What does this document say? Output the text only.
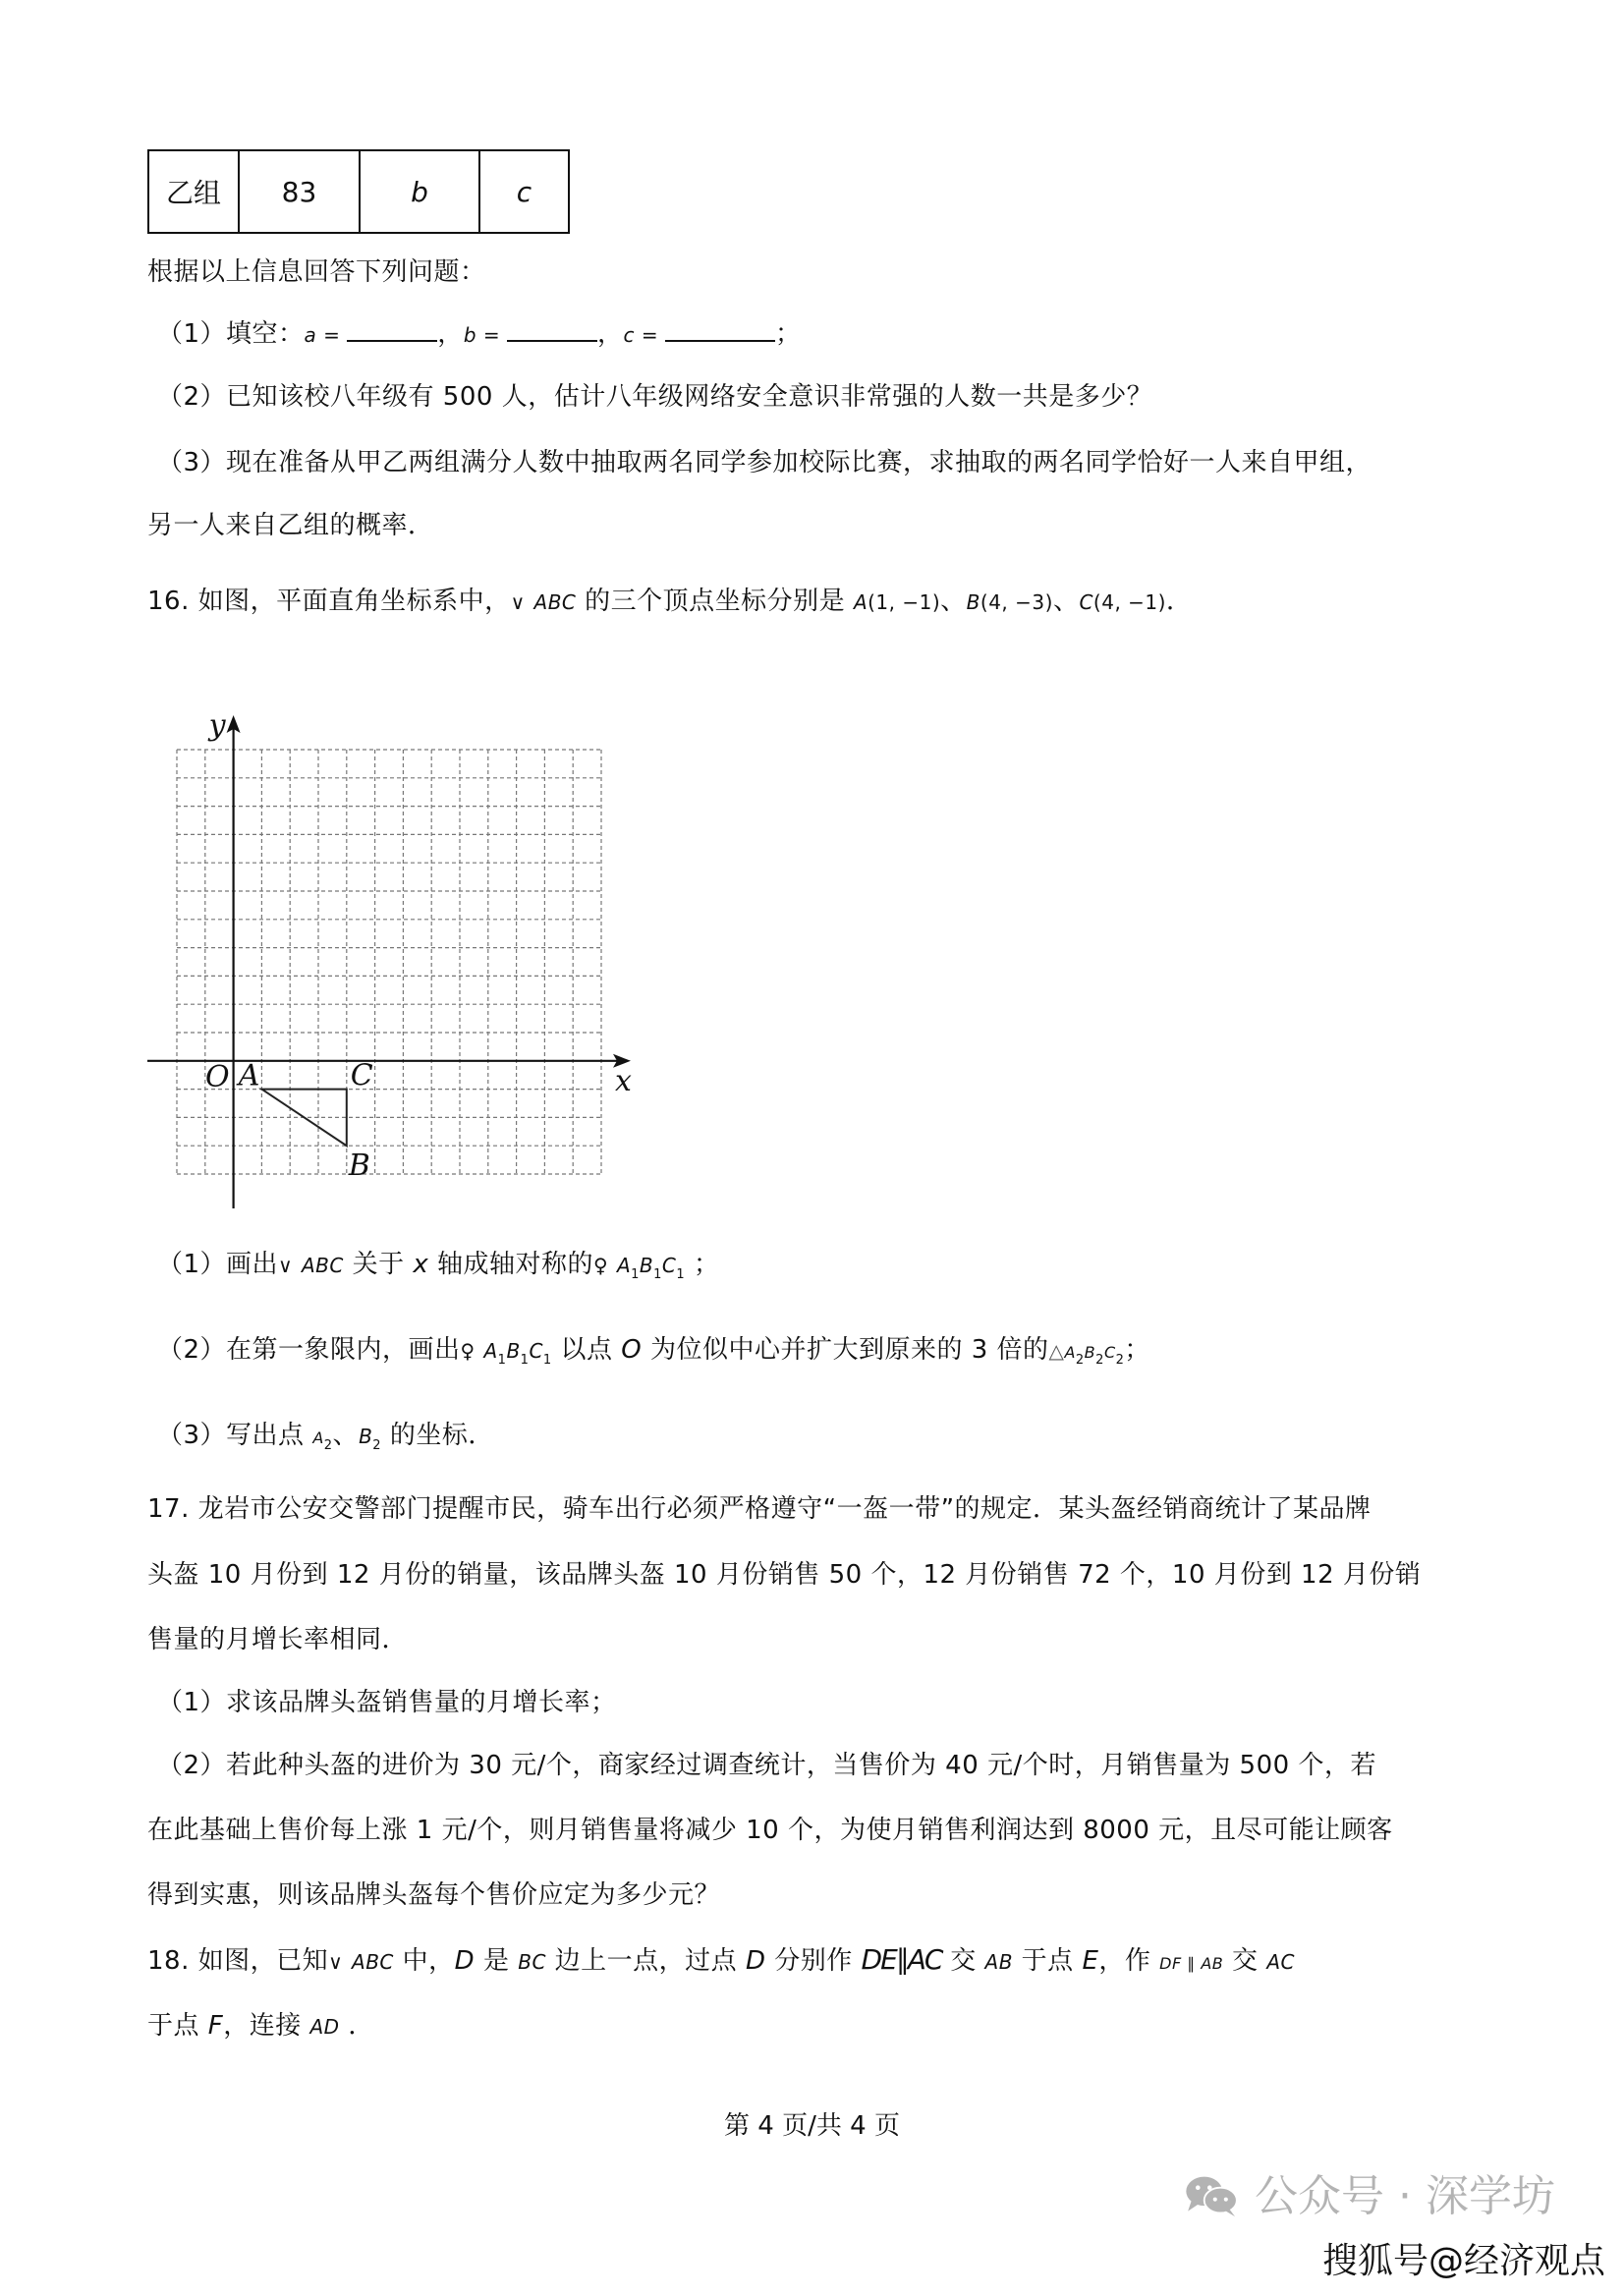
乙组	83	b	c
根据以上信息回答下列问题：
（1）填空：a =	，b =	，c =	；
（2）已知该校八年级有 500 人，估计八年级网络安全意识非常强的人数一共是多少？
（3）现在准备从甲乙两组满分人数中抽取两名同学参加校际比赛，求抽取的两名同学恰好一人来自甲组，
另一人来自乙组的概率．
16. 如图，平面直角坐标系中，∨ ABC 的三个顶点坐标分别是 A(1, −1)、B(4, −3)、C(4, −1)．
y
x
O A
B
C
（1）画出∨ ABC 关于 x 轴成轴对称的♀ $A_1B_1C_1$ ；
（2）在第一象限内，画出♀ $A_1B_1C_1$ 以点 O 为位似中心并扩大到原来的 3 倍的$\triangle A_2B_2C_2$；
（3）写出点 $A_2$、$B_2$ 的坐标．
17. 龙岩市公安交警部门提醒市民，骑车出行必须严格遵守“一盔一带”的规定．某头盔经销商统计了某品牌
头盔 10 月份到 12 月份的销量，该品牌头盔 10 月份销售 50 个，12 月份销售 72 个，10 月份到 12 月份销
售量的月增长率相同．
（1）求该品牌头盔销售量的月增长率；
（2）若此种头盔的进价为 30 元/个，商家经过调查统计，当售价为 40 元/个时，月销售量为 500 个，若
在此基础上售价每上涨 1 元/个，则月销售量将减少 10 个，为使月销售利润达到 8000 元，且尽可能让顾客
得到实惠，则该品牌头盔每个售价应定为多少元？
18. 如图，已知∨ ABC 中，D 是 BC 边上一点，过点 D 分别作 DE∥AC 交 AB 于点 E，作 DF ∥ AB 交 AC
于点 F，连接 AD ．
第 4 页/共 4 页
公众号 · 深学坊
搜狐号@经济观点
